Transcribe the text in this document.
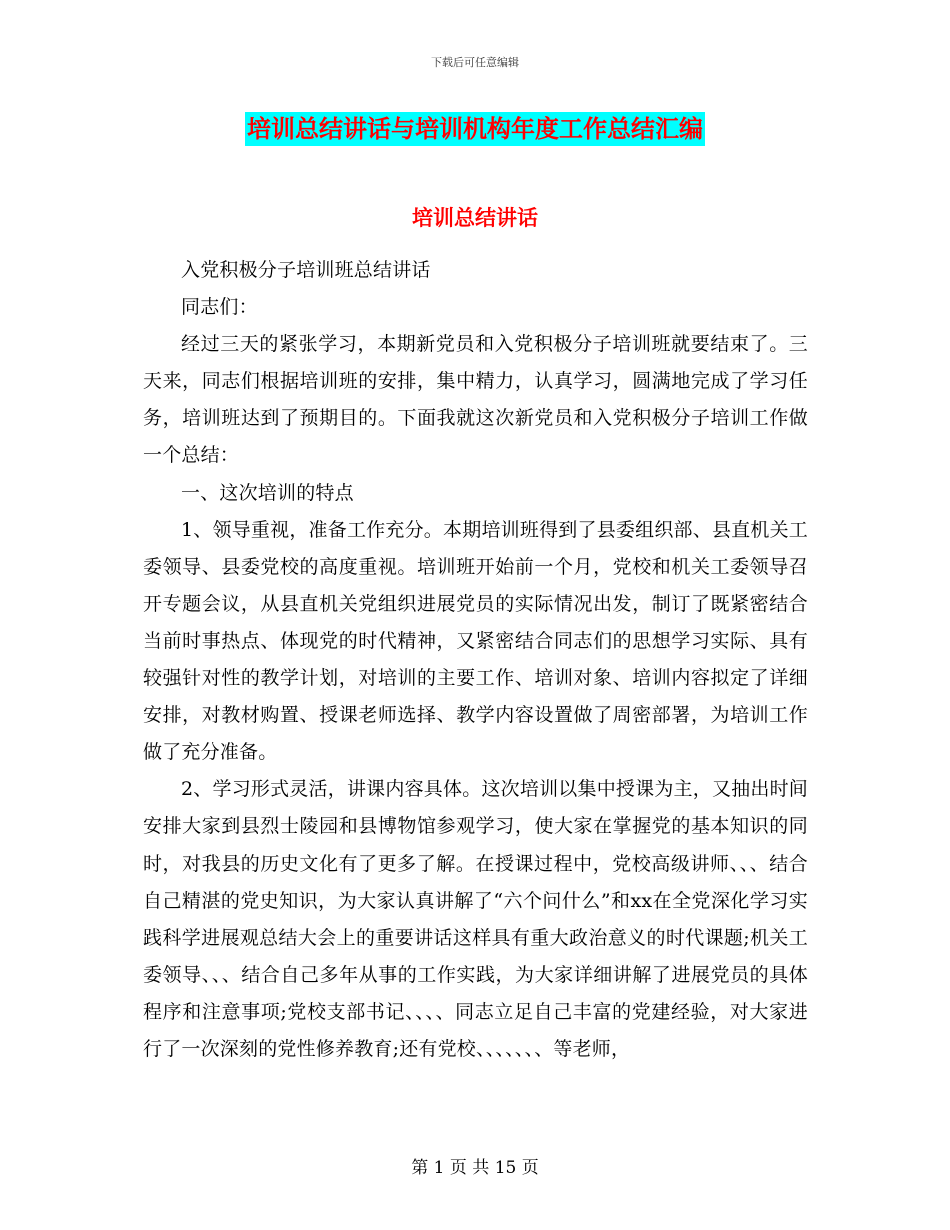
下载后可任意编辑
培训总结讲话与培训机构年度工作总结汇编
培训总结讲话

入党积极分子培训班总结讲话

同志们：

经过三天的紧张学习，本期新党员和入党积极分子培训班就要结束了。三天来，同志们根据培训班的安排，集中精力，认真学习，圆满地完成了学习任务，培训班达到了预期目的。下面我就这次新党员和入党积极分子培训工作做一个总结：

一、这次培训的特点

1、领导重视，准备工作充分。本期培训班得到了县委组织部、县直机关工委领导、县委党校的高度重视。培训班开始前一个月，党校和机关工委领导召开专题会议，从县直机关党组织进展党员的实际情况出发，制订了既紧密结合当前时事热点、体现党的时代精神，又紧密结合同志们的思想学习实际、具有较强针对性的教学计划，对培训的主要工作、培训对象、培训内容拟定了详细安排，对教材购置、授课老师选择、教学内容设置做了周密部署，为培训工作做了充分准备。

2、学习形式灵活，讲课内容具体。这次培训以集中授课为主，又抽出时间安排大家到县烈士陵园和县博物馆参观学习，使大家在掌握党的基本知识的同时，对我县的历史文化有了更多了解。在授课过程中，党校高级讲师、、、结合自己精湛的党史知识，为大家认真讲解了“六个问什么”和xx在全党深化学习实践科学进展观总结大会上的重要讲话这样具有重大政治意义的时代课题;机关工委领导、、、结合自己多年从事的工作实践，为大家详细讲解了进展党员的具体程序和注意事项;党校支部书记、、、、同志立足自己丰富的党建经验，对大家进行了一次深刻的党性修养教育;还有党校、、、、、、、等老师，

第 1 页 共 15 页
